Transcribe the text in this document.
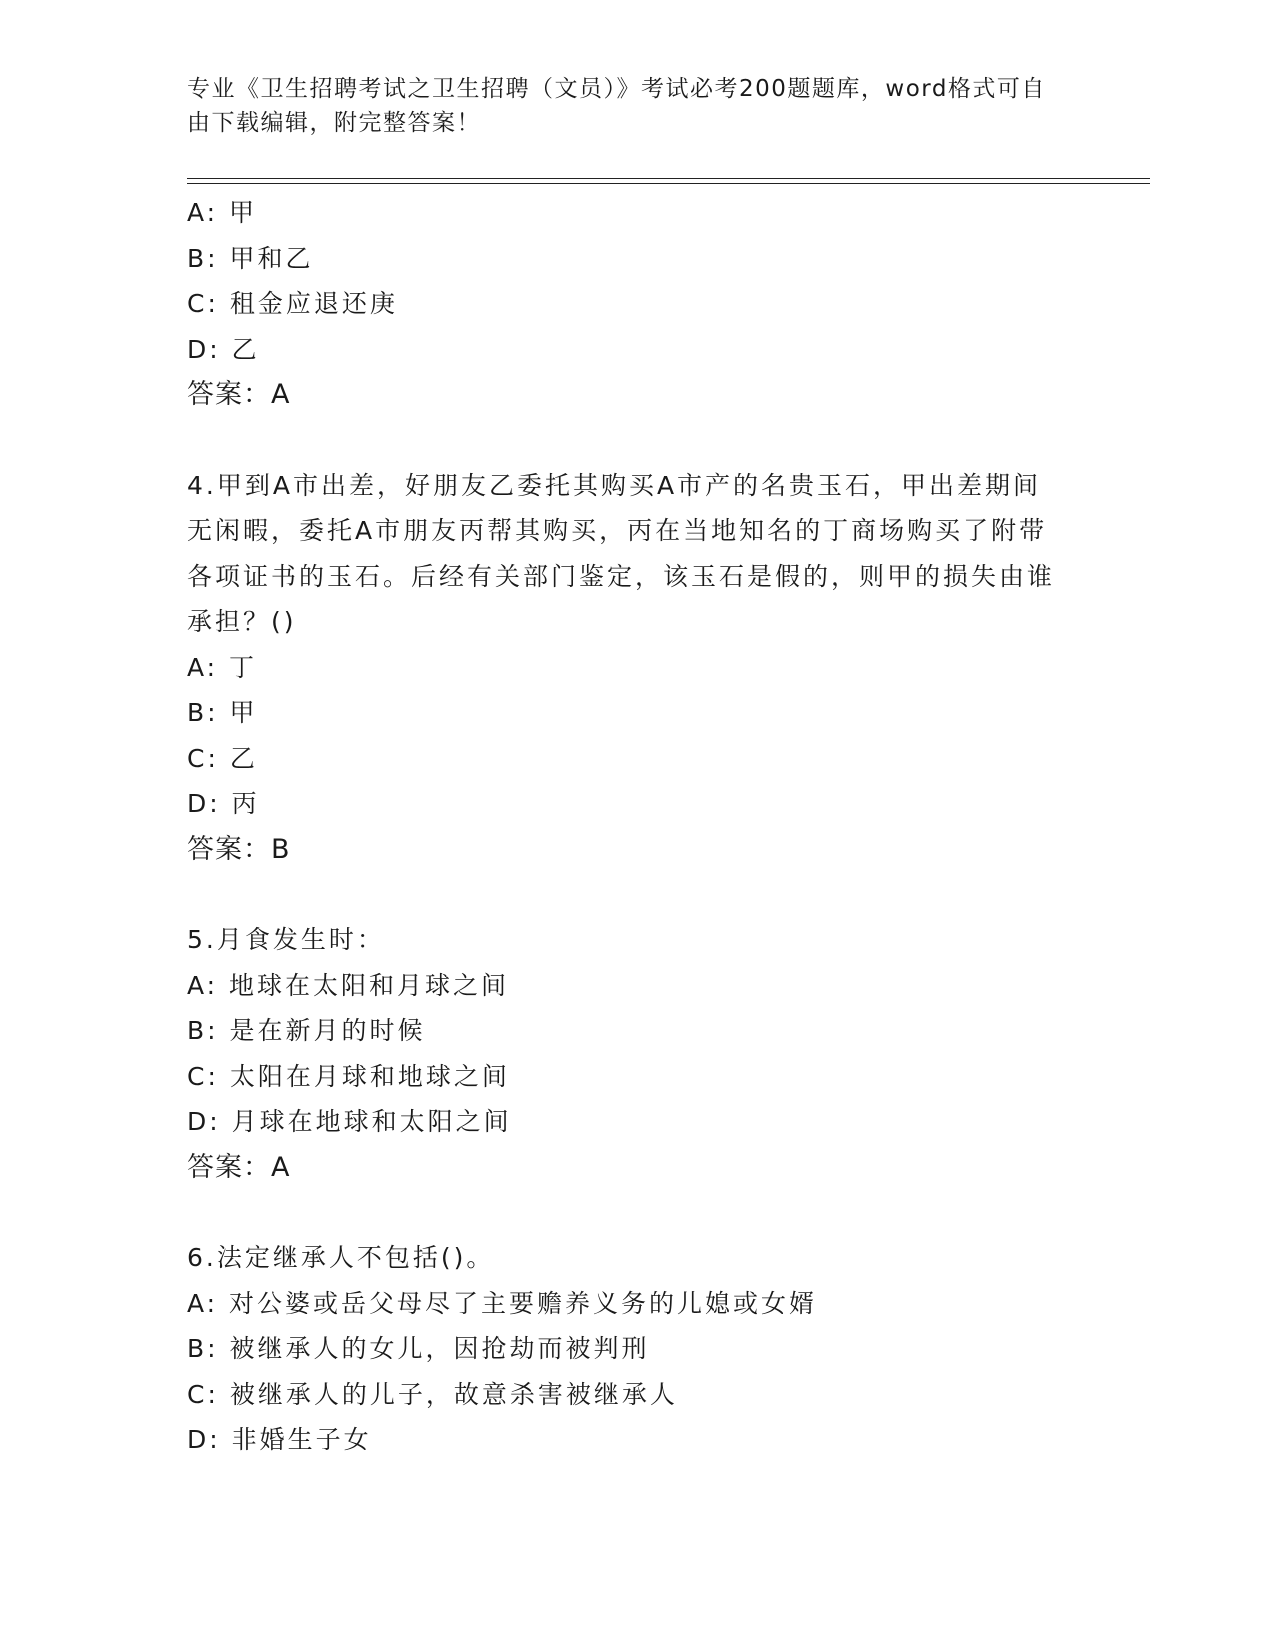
专业《卫生招聘考试之卫生招聘（文员）》考试必考200题题库，word格式可自由下载编辑，附完整答案！
A: 甲
B: 甲和乙
C: 租金应退还庚
D: 乙
答案：A
4.甲到A市出差，好朋友乙委托其购买A市产的名贵玉石，甲出差期间无闲暇，委托A市朋友丙帮其购买，丙在当地知名的丁商场购买了附带各项证书的玉石。后经有关部门鉴定，该玉石是假的，则甲的损失由谁承担？()
A: 丁
B: 甲
C: 乙
D: 丙
答案：B
5.月食发生时：
A: 地球在太阳和月球之间
B: 是在新月的时候
C: 太阳在月球和地球之间
D: 月球在地球和太阳之间
答案：A
6.法定继承人不包括()。
A: 对公婆或岳父母尽了主要赡养义务的儿媳或女婿
B: 被继承人的女儿，因抢劫而被判刑
C: 被继承人的儿子，故意杀害被继承人
D: 非婚生子女
